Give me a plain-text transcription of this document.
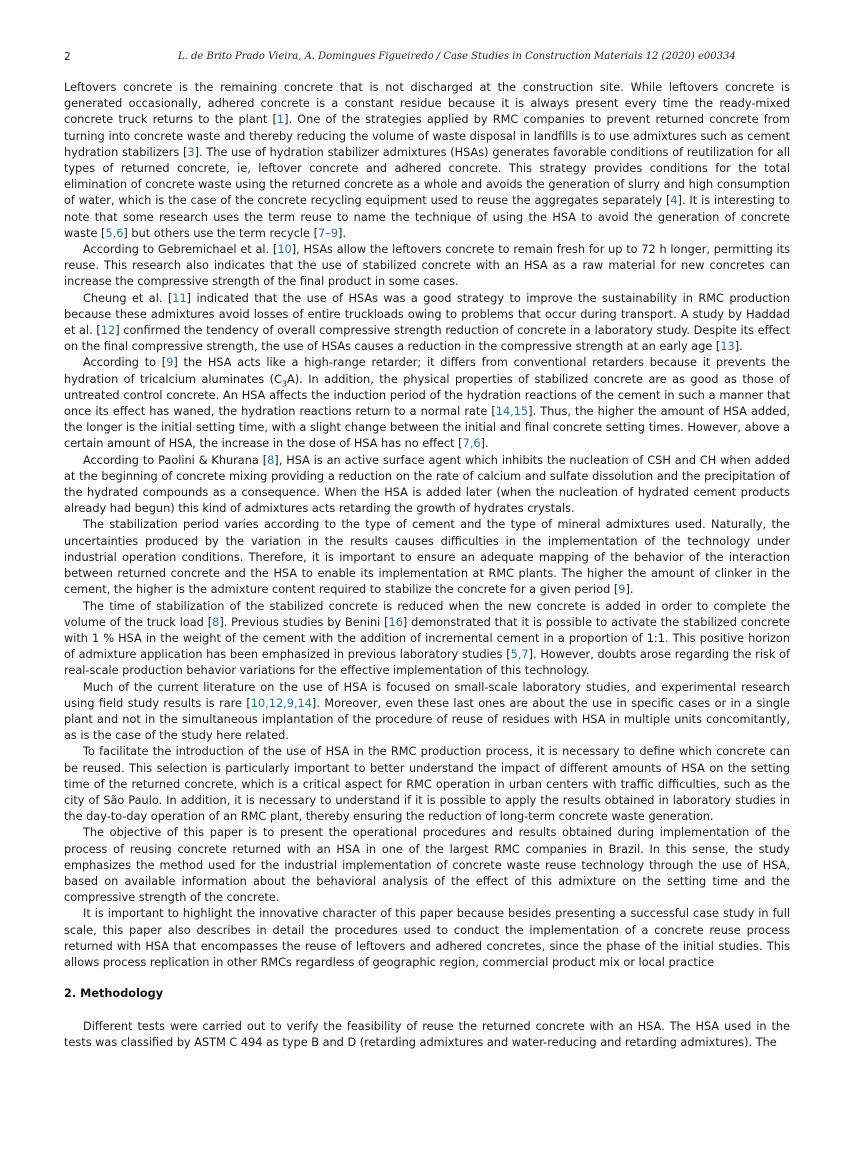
2	L. de Brito Prado Vieira, A. Domingues Figueiredo / Case Studies in Construction Materials 12 (2020) e00334

Leftovers concrete is the remaining concrete that is not discharged at the construction site. While leftovers concrete is generated occasionally, adhered concrete is a constant residue because it is always present every time the ready-mixed concrete truck returns to the plant [1]. One of the strategies applied by RMC companies to prevent returned concrete from turning into concrete waste and thereby reducing the volume of waste disposal in landfills is to use admixtures such as cement hydration stabilizers [3]. The use of hydration stabilizer admixtures (HSAs) generates favorable conditions of reutilization for all types of returned concrete, ie, leftover concrete and adhered concrete. This strategy provides conditions for the total elimination of concrete waste using the returned concrete as a whole and avoids the generation of slurry and high consumption of water, which is the case of the concrete recycling equipment used to reuse the aggregates separately [4]. It is interesting to note that some research uses the term reuse to name the technique of using the HSA to avoid the generation of concrete waste [5,6] but others use the term recycle [7–9].

According to Gebremichael et al. [10], HSAs allow the leftovers concrete to remain fresh for up to 72 h longer, permitting its reuse. This research also indicates that the use of stabilized concrete with an HSA as a raw material for new concretes can increase the compressive strength of the final product in some cases.

Cheung et al. [11] indicated that the use of HSAs was a good strategy to improve the sustainability in RMC production because these admixtures avoid losses of entire truckloads owing to problems that occur during transport. A study by Haddad et al. [12] confirmed the tendency of overall compressive strength reduction of concrete in a laboratory study. Despite its effect on the final compressive strength, the use of HSAs causes a reduction in the compressive strength at an early age [13].

According to [9] the HSA acts like a high-range retarder; it differs from conventional retarders because it prevents the hydration of tricalcium aluminates $(C_3A)$. In addition, the physical properties of stabilized concrete are as good as those of untreated control concrete. An HSA affects the induction period of the hydration reactions of the cement in such a manner that once its effect has waned, the hydration reactions return to a normal rate [14,15]. Thus, the higher the amount of HSA added, the longer is the initial setting time, with a slight change between the initial and final concrete setting times. However, above a certain amount of HSA, the increase in the dose of HSA has no effect [7,6].

According to Paolini & Khurana [8], HSA is an active surface agent which inhibits the nucleation of CSH and CH when added at the beginning of concrete mixing providing a reduction on the rate of calcium and sulfate dissolution and the precipitation of the hydrated compounds as a consequence. When the HSA is added later (when the nucleation of hydrated cement products already had begun) this kind of admixtures acts retarding the growth of hydrates crystals.

The stabilization period varies according to the type of cement and the type of mineral admixtures used. Naturally, the uncertainties produced by the variation in the results causes difficulties in the implementation of the technology under industrial operation conditions. Therefore, it is important to ensure an adequate mapping of the behavior of the interaction between returned concrete and the HSA to enable its implementation at RMC plants. The higher the amount of clinker in the cement, the higher is the admixture content required to stabilize the concrete for a given period [9].

The time of stabilization of the stabilized concrete is reduced when the new concrete is added in order to complete the volume of the truck load [8]. Previous studies by Benini [16] demonstrated that it is possible to activate the stabilized concrete with 1 % HSA in the weight of the cement with the addition of incremental cement in a proportion of 1:1. This positive horizon of admixture application has been emphasized in previous laboratory studies [5,7]. However, doubts arose regarding the risk of real-scale production behavior variations for the effective implementation of this technology.

Much of the current literature on the use of HSA is focused on small-scale laboratory studies, and experimental research using field study results is rare [10,12,9,14]. Moreover, even these last ones are about the use in specific cases or in a single plant and not in the simultaneous implantation of the procedure of reuse of residues with HSA in multiple units concomitantly, as is the case of the study here related.

To facilitate the introduction of the use of HSA in the RMC production process, it is necessary to define which concrete can be reused. This selection is particularly important to better understand the impact of different amounts of HSA on the setting time of the returned concrete, which is a critical aspect for RMC operation in urban centers with traffic difficulties, such as the city of São Paulo. In addition, it is necessary to understand if it is possible to apply the results obtained in laboratory studies in the day-to-day operation of an RMC plant, thereby ensuring the reduction of long-term concrete waste generation.

The objective of this paper is to present the operational procedures and results obtained during implementation of the process of reusing concrete returned with an HSA in one of the largest RMC companies in Brazil. In this sense, the study emphasizes the method used for the industrial implementation of concrete waste reuse technology through the use of HSA, based on available information about the behavioral analysis of the effect of this admixture on the setting time and the compressive strength of the concrete.

It is important to highlight the innovative character of this paper because besides presenting a successful case study in full scale, this paper also describes in detail the procedures used to conduct the implementation of a concrete reuse process returned with HSA that encompasses the reuse of leftovers and adhered concretes, since the phase of the initial studies. This allows process replication in other RMCs regardless of geographic region, commercial product mix or local practice

2. Methodology

Different tests were carried out to verify the feasibility of reuse the returned concrete with an HSA. The HSA used in the tests was classified by ASTM C 494 as type B and D (retarding admixtures and water-reducing and retarding admixtures). The
